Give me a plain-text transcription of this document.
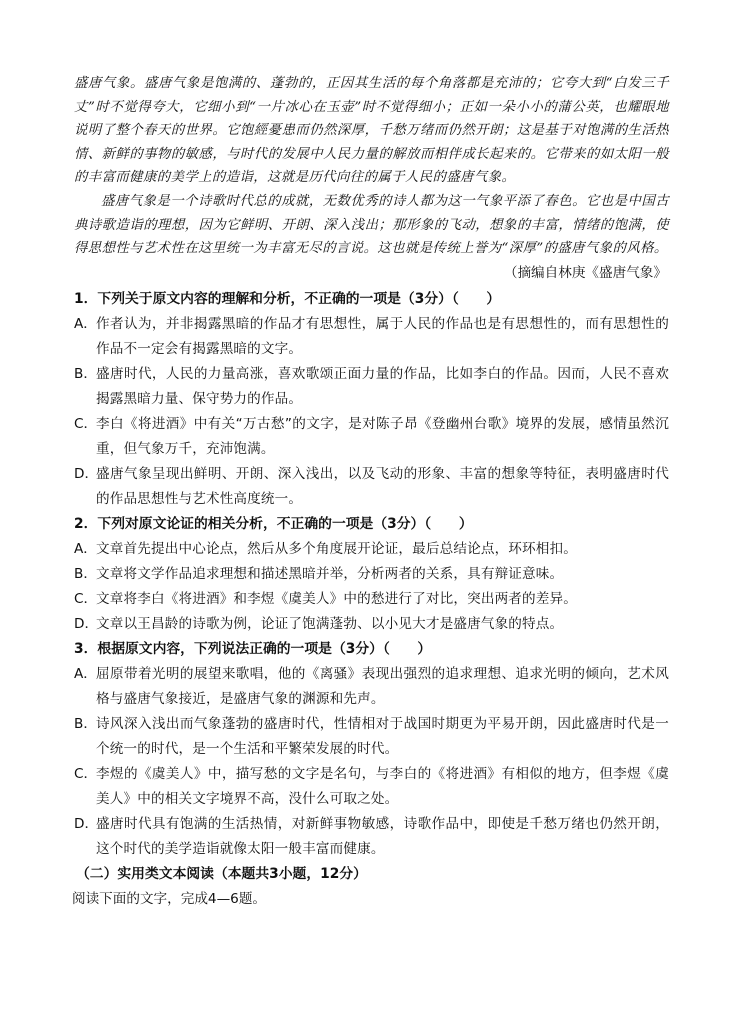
盛唐气象。盛唐气象是饱满的、蓬勃的，正因其生活的每个角落都是充沛的；它夸大到“白发三千丈”时不觉得夸大，它细小到“一片冰心在玉壶”时不觉得细小；正如一朵小小的蒲公英，也耀眼地说明了整个春天的世界。它饱經憂患而仍然深厚，千愁万绪而仍然开朗；这是基于对饱满的生活热情、新鲜的事物的敏感，与时代的发展中人民力量的解放而相伴成长起来的。它带来的如太阳一般的丰富而健康的美学上的造诣，这就是历代向往的属于人民的盛唐气象。

盛唐气象是一个诗歌时代总的成就，无数优秀的诗人都为这一气象平添了春色。它也是中国古典诗歌造诣的理想，因为它鲜明、开朗、深入浅出；那形象的飞动，想象的丰富，情绪的饱满，使得思想性与艺术性在这里统一为丰富无尽的言说。这也就是传统上誉为“深厚”的盛唐气象的风格。

（摘编自林庚《盛唐气象》

1．下列关于原文内容的理解和分析，不正确的一项是（3分）（　　）

A． 作者认为，并非揭露黑暗的作品才有思想性，属于人民的作品也是有思想性的，而有思想性的作品不一定会有揭露黑暗的文字。
B． 盛唐时代，人民的力量高涨，喜欢歌颂正面力量的作品，比如李白的作品。因而，人民不喜欢揭露黑暗力量、保守势力的作品。
C．
李白《将进酒》中有关“万古愁”的文字，是对陈子昂《登幽州台歌》境界的发展，感情虽然沉重，但气象万千，充沛饱满。
D．
盛唐气象呈现出鲜明、开朗、深入浅出，以及飞动的形象、丰富的想象等特征，表明盛唐时代的作品思想性与艺术性高度统一。

2．下列对原文论证的相关分析，不正确的一项是（3分）（　　）

A． 文章首先提出中心论点，然后从多个角度展开论证，最后总结论点，环环相扣。
B． 文章将文学作品追求理想和描述黑暗并举，分析两者的关系，具有辩证意味。
C．
文章将李白《将进酒》和李煜《虞美人》中的愁进行了对比，突出两者的差异。
D．
文章以王昌龄的诗歌为例，论证了饱满蓬勃、以小见大才是盛唐气象的特点。

3．根据原文内容，下列说法正确的一项是（3分）（　　）

A． 屈原带着光明的展望来歌唱，他的《离骚》表现出强烈的追求理想、追求光明的倾向，艺术风格与盛唐气象接近，是盛唐气象的渊源和先声。
B． 诗风深入浅出而气象蓬勃的盛唐时代，性情相对于战国时期更为平易开朗，因此盛唐时代是一个统一的时代，是一个生活和平繁荣发展的时代。
C．
李煜的《虞美人》中，描写愁的文字是名句，与李白的《将进酒》有相似的地方，但李煜《虞美人》中的相关文字境界不高，没什么可取之处。
D．
盛唐时代具有饱满的生活热情，对新鲜事物敏感，诗歌作品中，即使是千愁万绪也仍然开朗，这个时代的美学造诣就像太阳一般丰富而健康。

（二）实用类文本阅读（本题共3小题，12分）

阅读下面的文字，完成4—6题。
